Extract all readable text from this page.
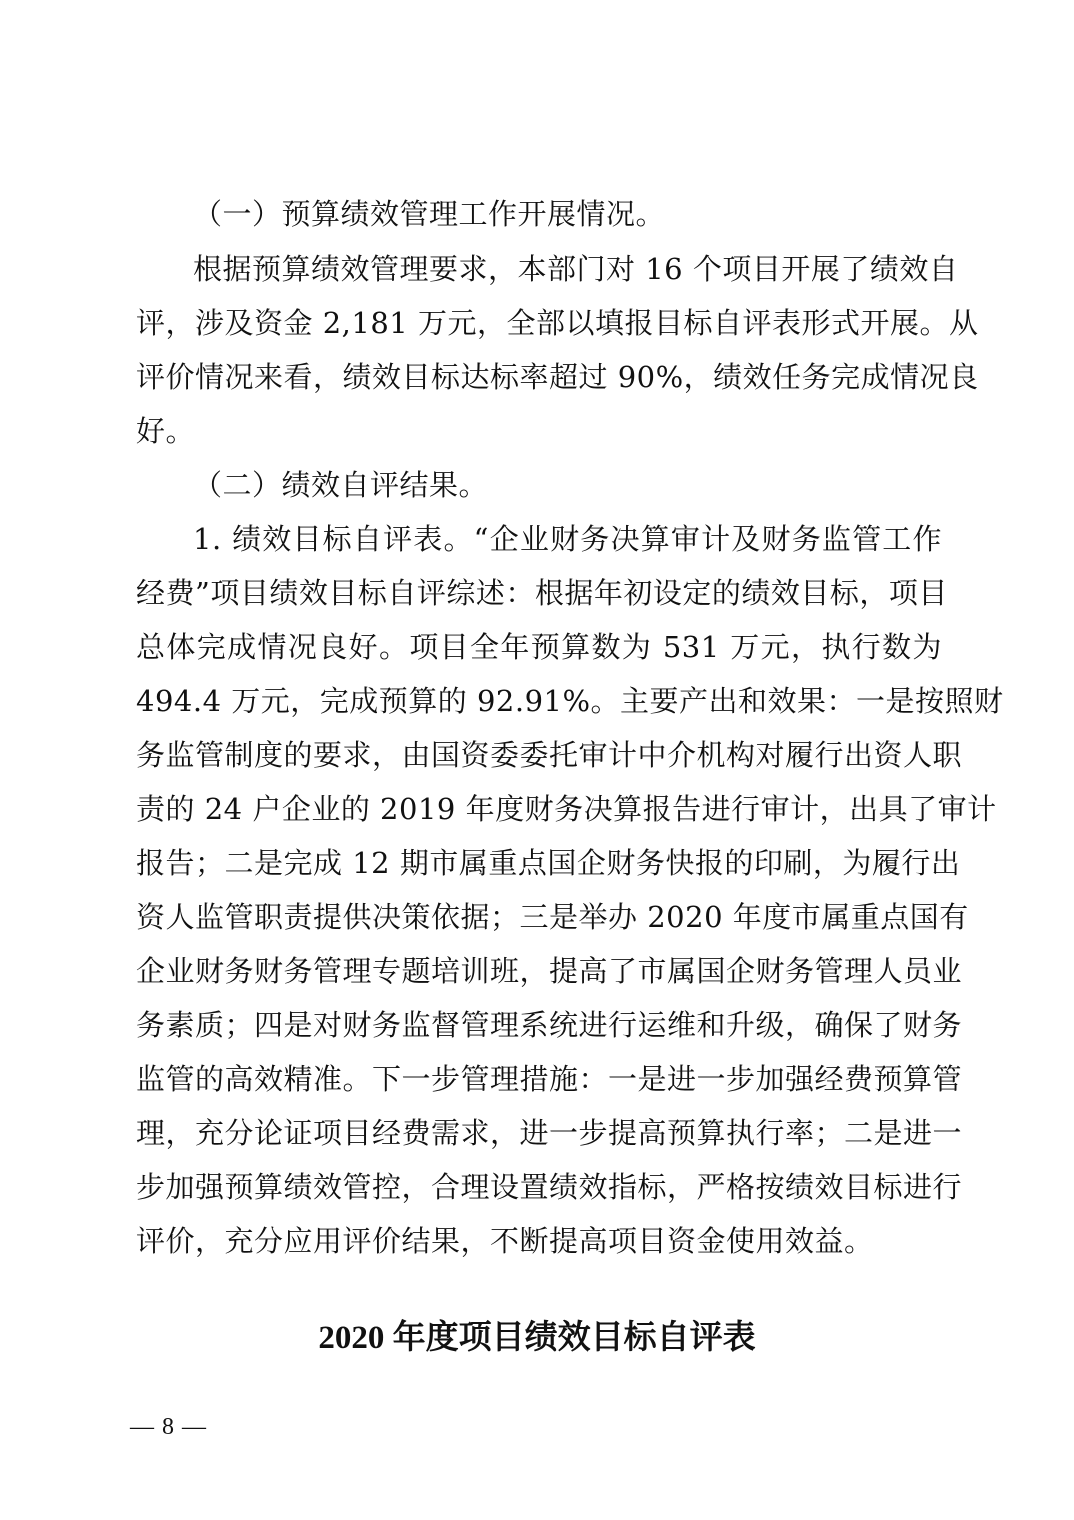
（一）预算绩效管理工作开展情况。
根据预算绩效管理要求，本部门对 16 个项目开展了绩效自
评，涉及资金 2,181 万元，全部以填报目标自评表形式开展。从
评价情况来看，绩效目标达标率超过 90%，绩效任务完成情况良
好。
（二）绩效自评结果。
1. 绩效目标自评表。“企业财务决算审计及财务监管工作
经费”项目绩效目标自评综述：根据年初设定的绩效目标，项目
总体完成情况良好。项目全年预算数为 531 万元，执行数为
494.4 万元，完成预算的 92.91%。主要产出和效果：一是按照财
务监管制度的要求，由国资委委托审计中介机构对履行出资人职
责的 24 户企业的 2019 年度财务决算报告进行审计，出具了审计
报告；二是完成 12 期市属重点国企财务快报的印刷，为履行出
资人监管职责提供决策依据；三是举办 2020 年度市属重点国有
企业财务财务管理专题培训班，提高了市属国企财务管理人员业
务素质；四是对财务监督管理系统进行运维和升级，确保了财务
监管的高效精准。下一步管理措施：一是进一步加强经费预算管
理，充分论证项目经费需求，进一步提高预算执行率；二是进一
步加强预算绩效管控，合理设置绩效指标，严格按绩效目标进行
评价，充分应用评价结果，不断提高项目资金使用效益。
2020 年度项目绩效目标自评表
— 8 —
